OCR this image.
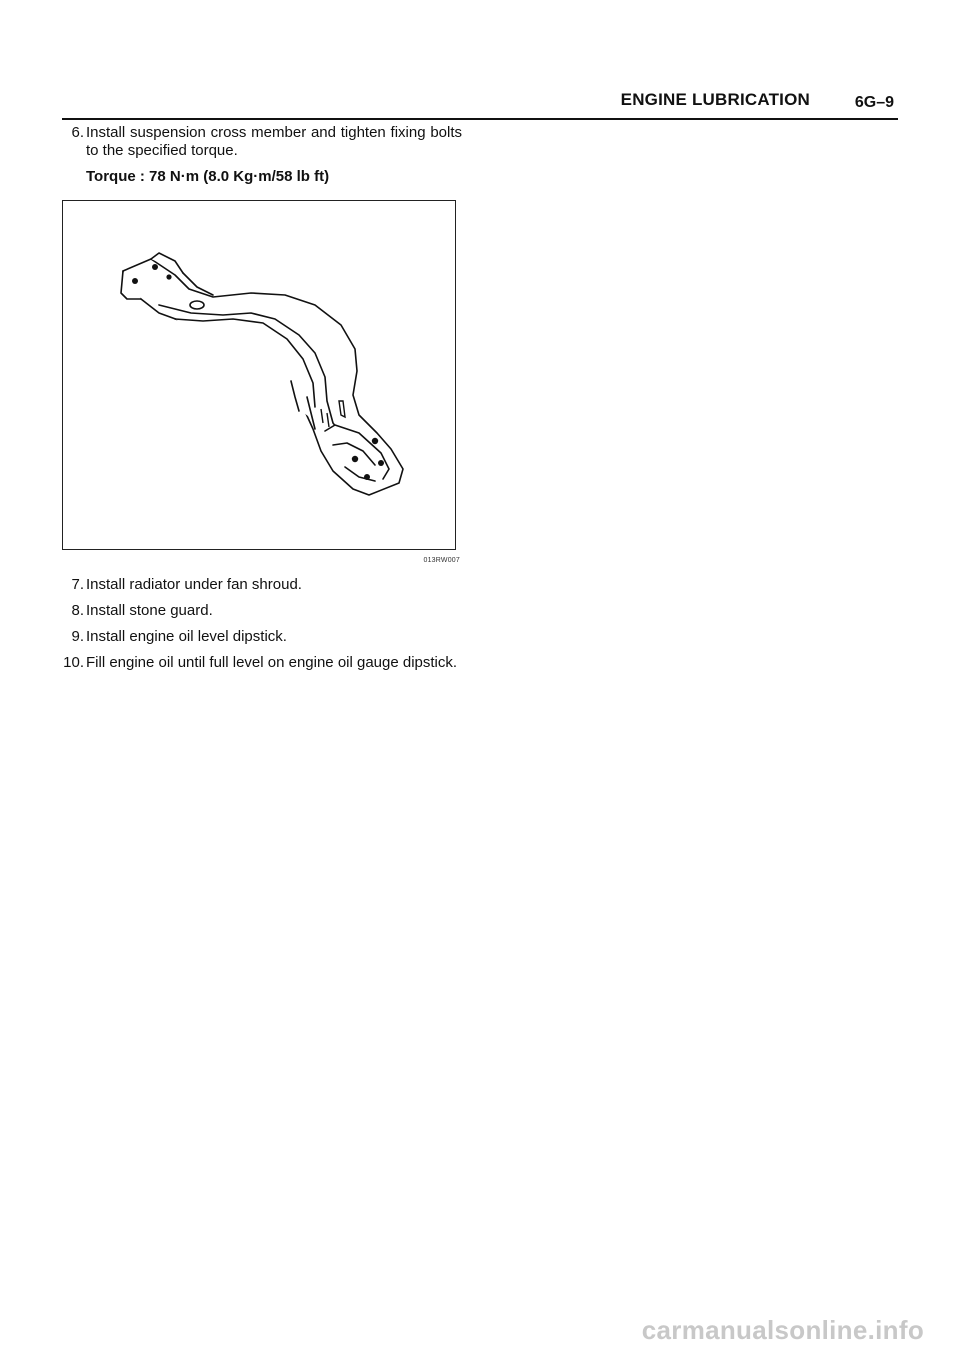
ENGINE LUBRICATION	6G–9
6. Install suspension cross member and tighten fixing bolts to the specified torque.
Torque : 78 N·m (8.0 Kg·m/58 lb ft)
013RW007
7. Install radiator under fan shroud.
8. Install stone guard.
9. Install engine oil level dipstick.
10. Fill engine oil until full level on engine oil gauge dipstick.
carmanualsonline.info
